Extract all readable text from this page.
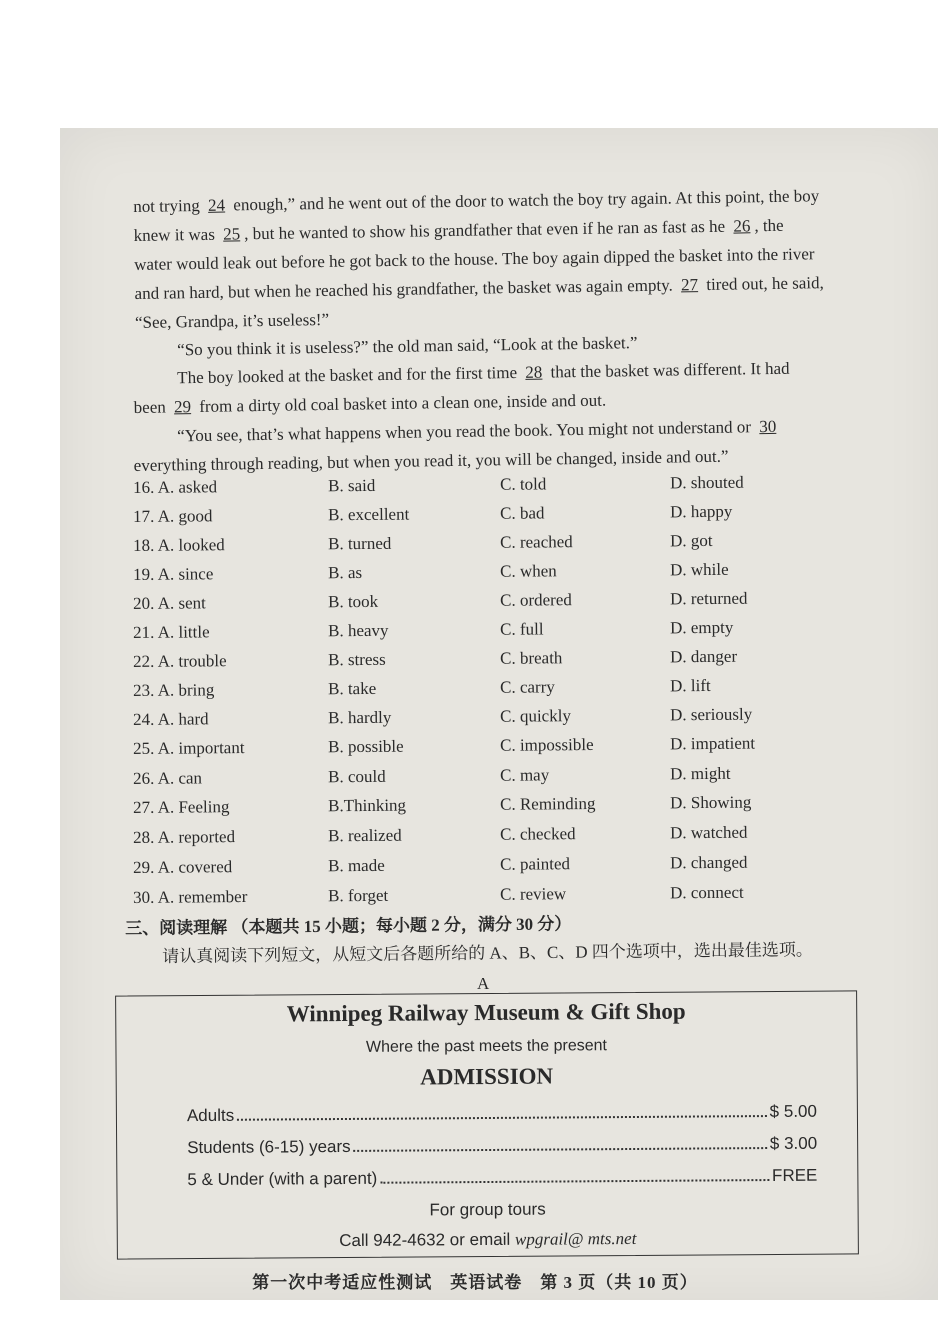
not trying 24 enough,” and he went out of the door to watch the boy try again. At this point, the boy knew it was 25 , but he wanted to show his grandfather that even if he ran as fast as he 26 , the water would leak out before he got back to the house. The boy again dipped the basket into the river and ran hard, but when he reached his grandfather, the basket was again empty. 27 tired out, he said, “See, Grandpa, it’s useless!”
“So you think it is useless?” the old man said, “Look at the basket.”
The boy looked at the basket and for the first time 28 that the basket was different. It had been 29 from a dirty old coal basket into a clean one, inside and out.
“You see, that’s what happens when you read the book. You might not understand or 30 everything through reading, but when you read it, you will be changed, inside and out.”
16. A. asked	B. said	C. told	D. shouted
17. A. good	B. excellent	C. bad	D. happy
18. A. looked	B. turned	C. reached	D. got
19. A. since	B. as	C. when	D. while
20. A. sent	B. took	C. ordered	D. returned
21. A. little	B. heavy	C. full	D. empty
22. A. trouble	B. stress	C. breath	D. danger
23. A. bring	B. take	C. carry	D. lift
24. A. hard	B. hardly	C. quickly	D. seriously
25. A. important	B. possible	C. impossible	D. impatient
26. A. can	B. could	C. may	D. might
27. A. Feeling	B.Thinking	C. Reminding	D. Showing
28. A. reported	B. realized	C. checked	D. watched
29. A. covered	B. made	C. painted	D. changed
30. A. remember	B. forget	C. review	D. connect
三、阅读理解 （本题共 15 小题；每小题 2 分，满分 30 分）
请认真阅读下列短文，从短文后各题所给的 A、B、C、D 四个选项中，选出最佳选项。
A
Winnipeg Railway Museum & Gift Shop
Where the past meets the present
ADMISSION
Adults	$ 5.00
Students (6-15) years	$ 3.00
5 & Under (with a parent)	FREE
For group tours
Call 942-4632 or email wpgrail@ mts.net
第一次中考适应性测试　英语试卷　第 3 页（共 10 页）
